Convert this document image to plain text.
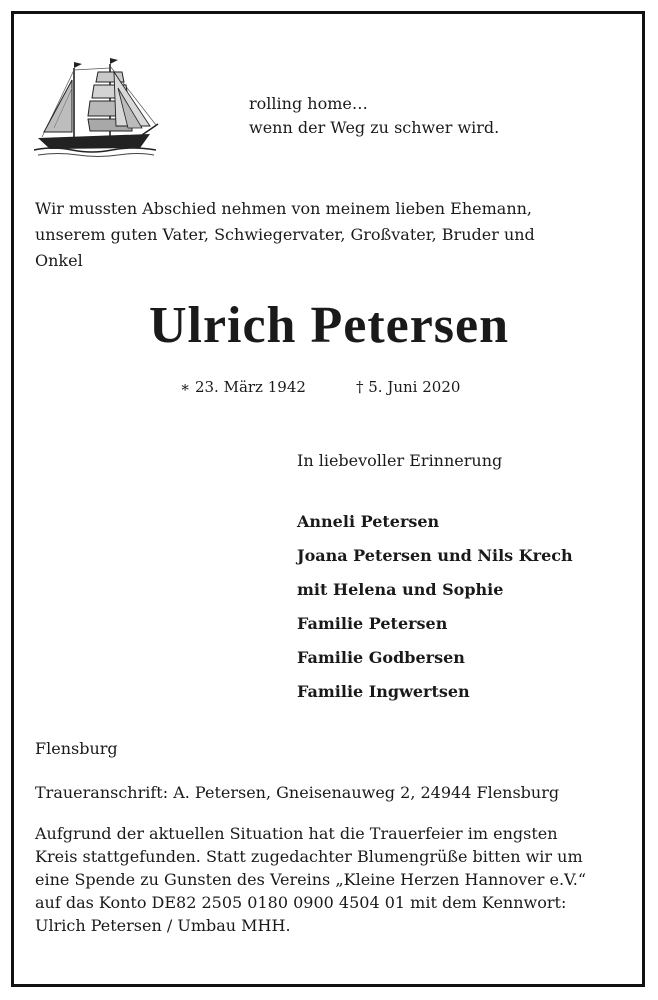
rolling home…
wenn der Weg zu schwer wird.
Wir mussten Abschied nehmen von meinem lieben Ehemann,
unserem guten Vater, Schwiegervater, Großvater, Bruder und
Onkel
Ulrich Petersen
∗ 23. März 1942	† 5. Juni 2020
In liebevoller Erinnerung
Anneli Petersen
Joana Petersen und Nils Krech
mit Helena und Sophie
Familie Petersen
Familie Godbersen
Familie Ingwertsen
Flensburg
Traueranschrift: A. Petersen, Gneisenauweg 2, 24944 Flensburg
Aufgrund der aktuellen Situation hat die Trauerfeier im engsten
Kreis stattgefunden. Statt zugedachter Blumengrüße bitten wir um
eine Spende zu Gunsten des Vereins „Kleine Herzen Hannover e.V.“
auf das Konto DE82 2505 0180 0900 4504 01 mit dem Kennwort:
Ulrich Petersen / Umbau MHH.
